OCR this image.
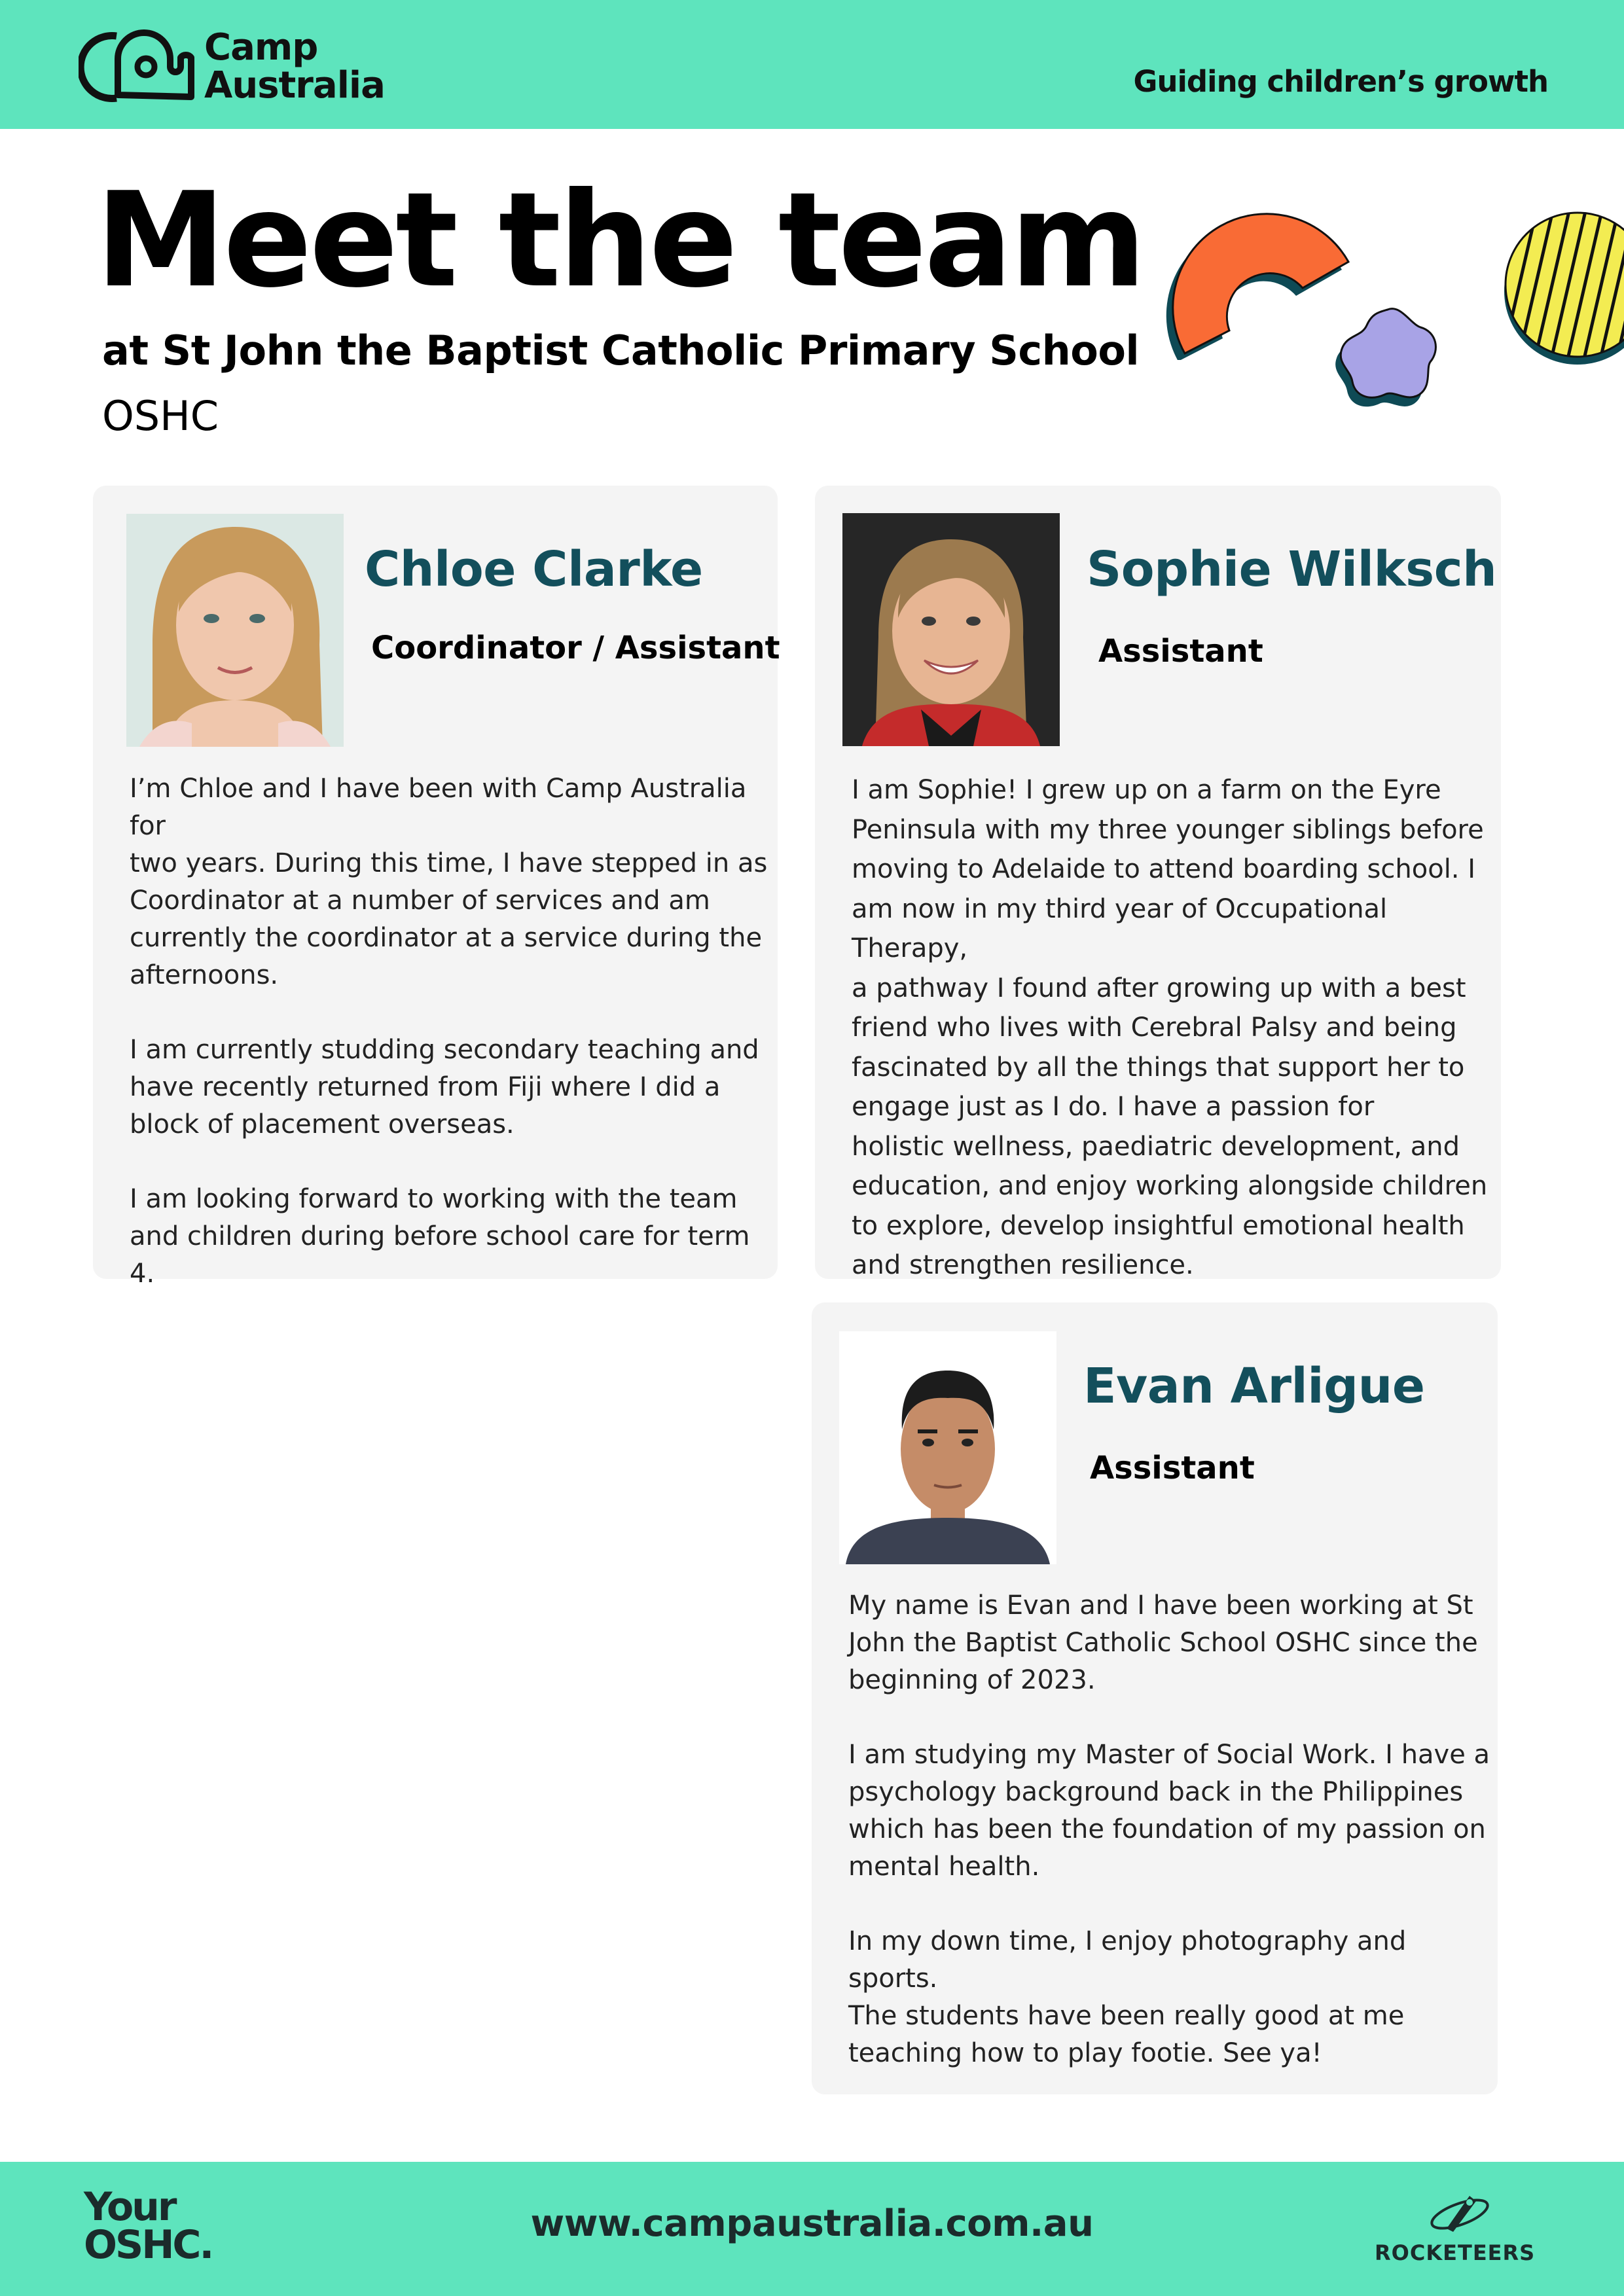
Camp
Australia	Guiding children’s growth
Meet the team
at St John the Baptist Catholic Primary School
OSHC
Chloe Clarke
Coordinator / Assistant
I’m Chloe and I have been with Camp Australia for
two years. During this time, I have stepped in as
Coordinator at a number of services and am
currently the coordinator at a service during the
afternoons.

I am currently studding secondary teaching and
have recently returned from Fiji where I did a
block of placement overseas.

I am looking forward to working with the team
and children during before school care for term 4.
Sophie Wilksch
Assistant
I am Sophie! I grew up on a farm on the Eyre
Peninsula with my three younger siblings before
moving to Adelaide to attend boarding school. I
am now in my third year of Occupational Therapy,
a pathway I found after growing up with a best
friend who lives with Cerebral Palsy and being
fascinated by all the things that support her to
engage just as I do. I have a passion for
holistic wellness, paediatric development, and
education, and enjoy working alongside children
to explore, develop insightful emotional health
and strengthen resilience.
Evan Arligue
Assistant
My name is Evan and I have been working at St
John the Baptist Catholic School OSHC since the
beginning of 2023.

I am studying my Master of Social Work. I have a
psychology background back in the Philippines
which has been the foundation of my passion on
mental health.

In my down time, I enjoy photography and sports.
The students have been really good at me
teaching how to play footie. See ya!
Your
OSHC.	www.campaustralia.com.au
ROCKETEERS
